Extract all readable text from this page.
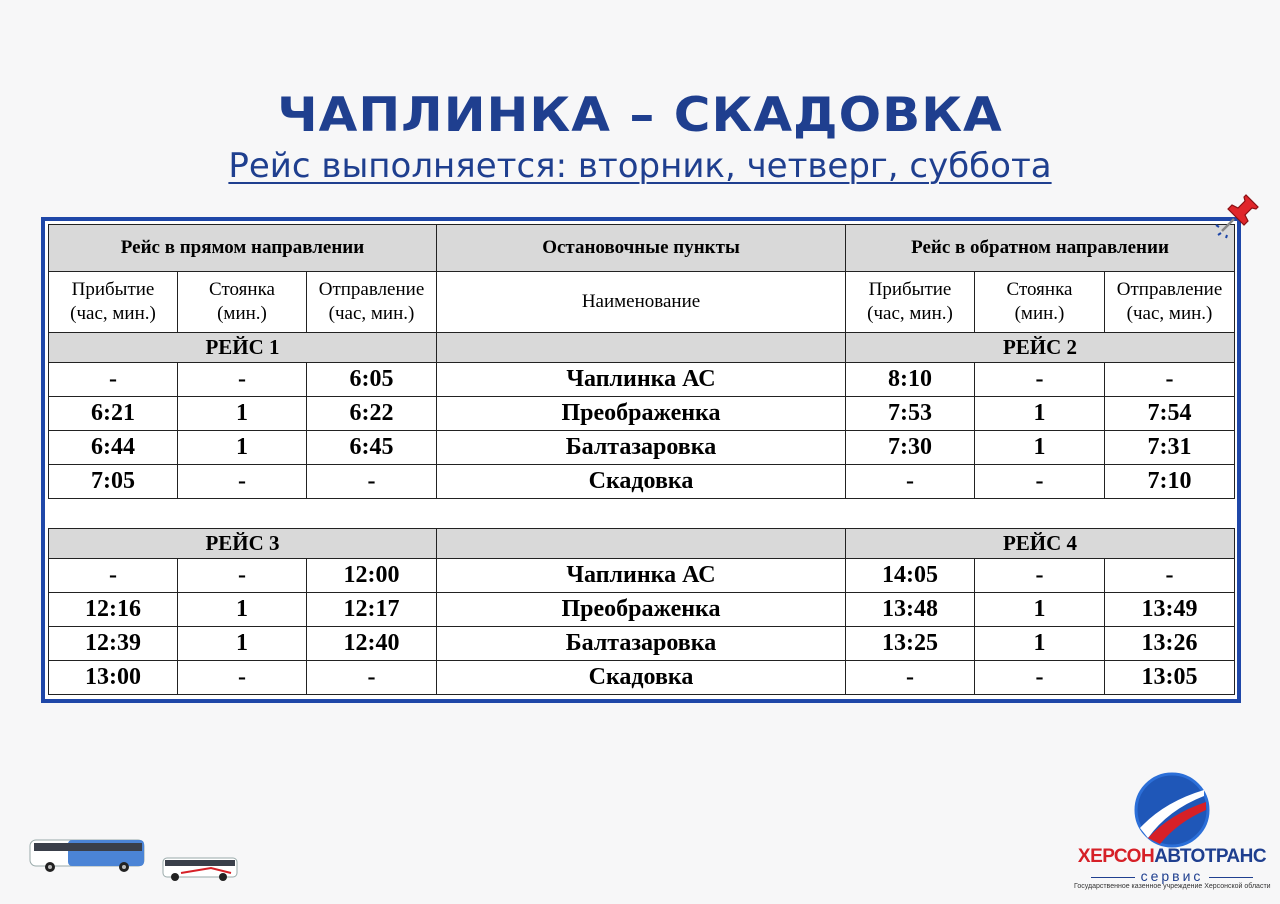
ЧАПЛИНКА – СКАДОВКА
Рейс выполняется: вторник, четверг, суббота
Рейс в прямом направлении			Остановочные пункты	Рейс в обратном направлении		
Прибытие
(час, мин.)	Стоянка
(мин.)	Отправление
(час, мин.)	Наименование	Прибытие
(час, мин.)	Стоянка
(мин.)	Отправление
(час, мин.)
РЕЙС 1				РЕЙС 2		
-	-	6:05	Чаплинка АС	8:10	-	-
6:21	1	6:22	Преображенка	7:53	1	7:54
6:44	1	6:45	Балтазаровка	7:30	1	7:31
7:05	-	-	Скадовка	-	-	7:10

РЕЙС 3				РЕЙС 4		
-	-	12:00	Чаплинка АС	14:05	-	-
12:16	1	12:17	Преображенка	13:48	1	13:49
12:39	1	12:40	Балтазаровка	13:25	1	13:26
13:00	-	-	Скадовка	-	-	13:05
ХЕРСОНАВТОТРАНС
сервис
Государственное казенное учреждение Херсонской области
